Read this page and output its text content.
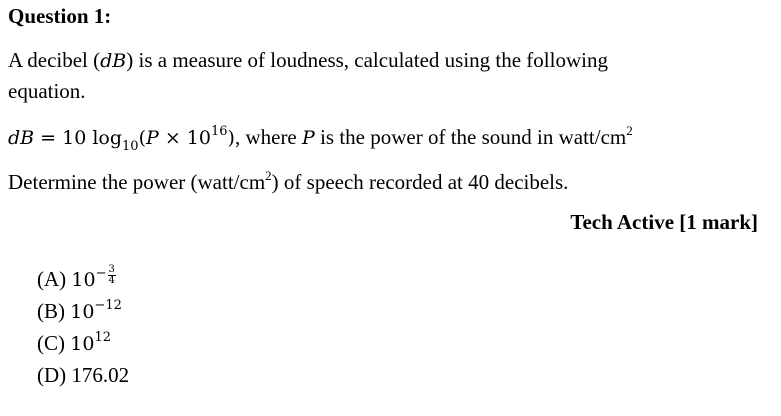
Question 1:
A decibel (dB) is a measure of loudness, calculated using the following
equation.
dB = 10 $\log_{10}(P \times 10^{16})$, where P is the power of the sound in watt/$cm^2$
Determine the power $(watt/cm^2)$ of speech recorded at 40 decibels.
Tech Active [1 mark]
(A) $10^- \frac{3}{4}$
(B) $10^{-12}$
(C) $10^{12}$
(D) 176.02
